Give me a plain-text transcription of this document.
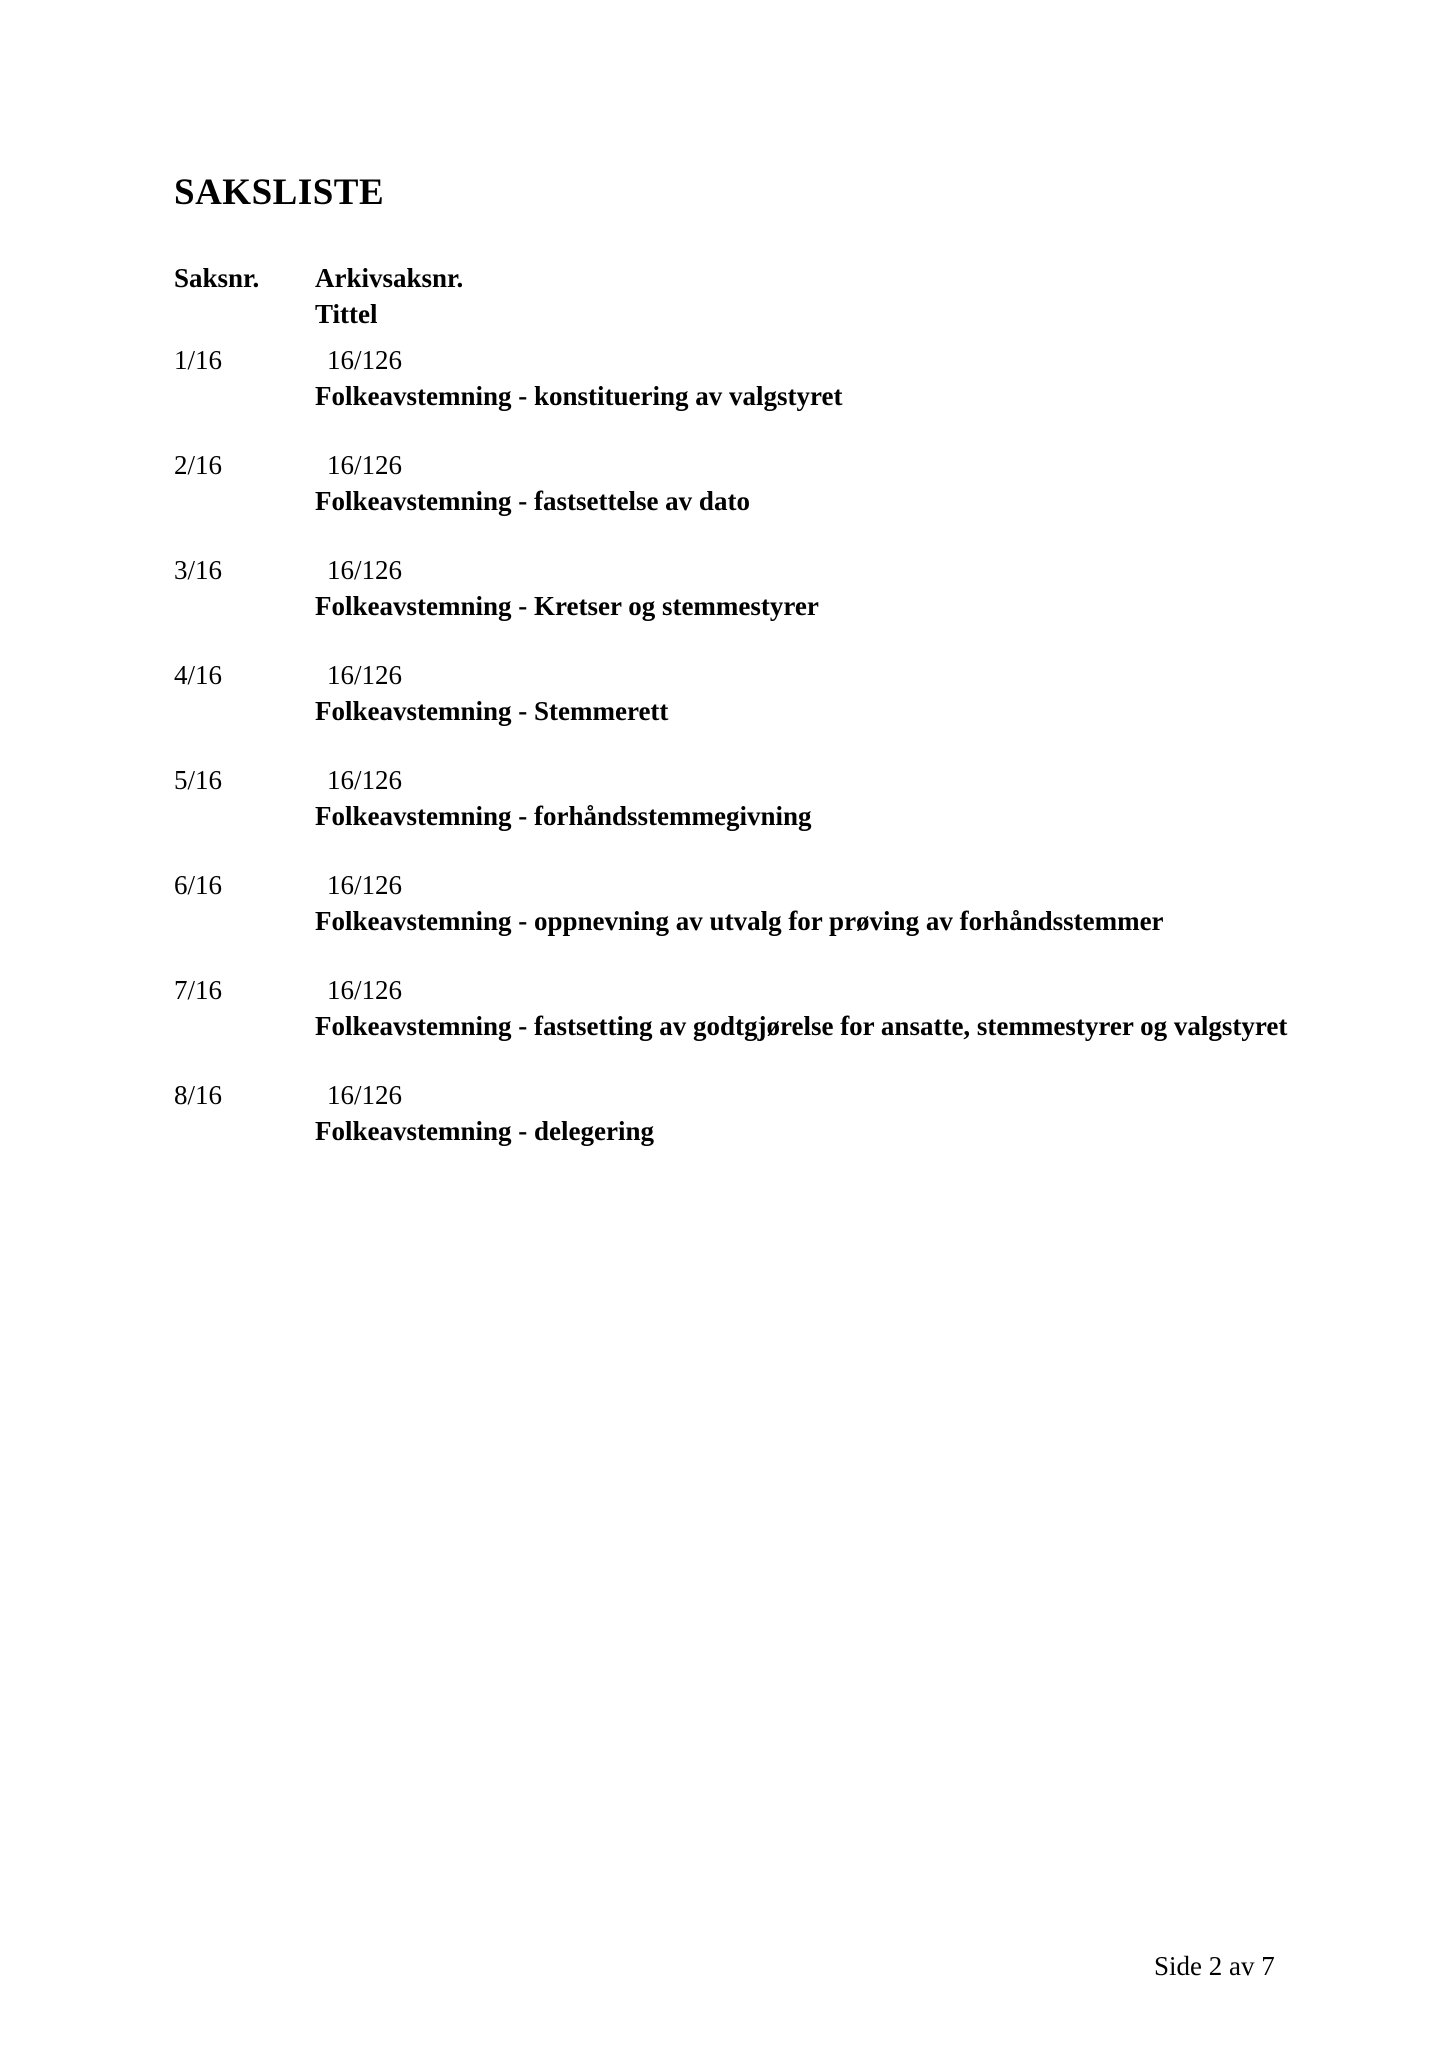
SAKSLISTE
Saksnr. Arkivsaksnr.
Tittel
1/16	16/126
Folkeavstemning - konstituering av valgstyret
2/16	16/126
Folkeavstemning - fastsettelse av dato
3/16	16/126
Folkeavstemning - Kretser og stemmestyrer
4/16	16/126
Folkeavstemning - Stemmerett
5/16	16/126
Folkeavstemning - forhåndsstemmegivning
6/16	16/126
Folkeavstemning - oppnevning av utvalg for prøving av forhåndsstemmer
7/16	16/126
Folkeavstemning - fastsetting av godtgjørelse for ansatte, stemmestyrer og valgstyret
8/16	16/126
Folkeavstemning - delegering
Side 2 av 7
